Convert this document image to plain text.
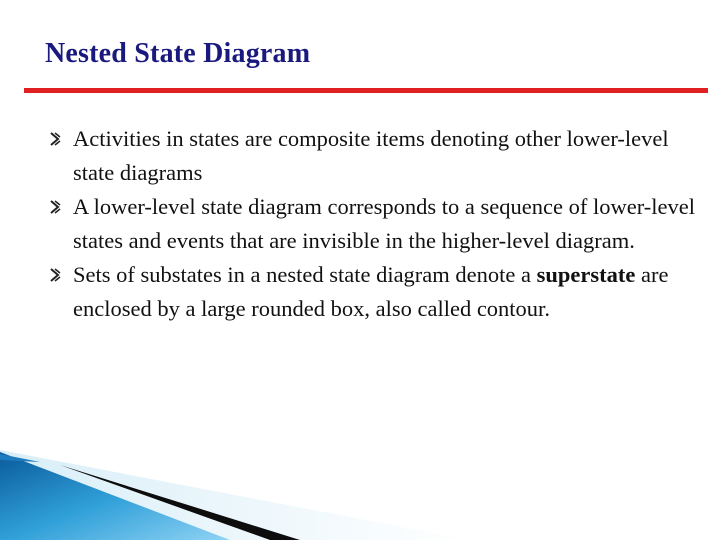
Nested State Diagram
Activities in states are composite items denoting other lower-level state diagrams
A lower-level state diagram corresponds to a sequence of lower-level states and events that are invisible in the higher-level diagram.
Sets of substates in a nested state diagram denote a superstate are enclosed by a large rounded box, also called contour.
